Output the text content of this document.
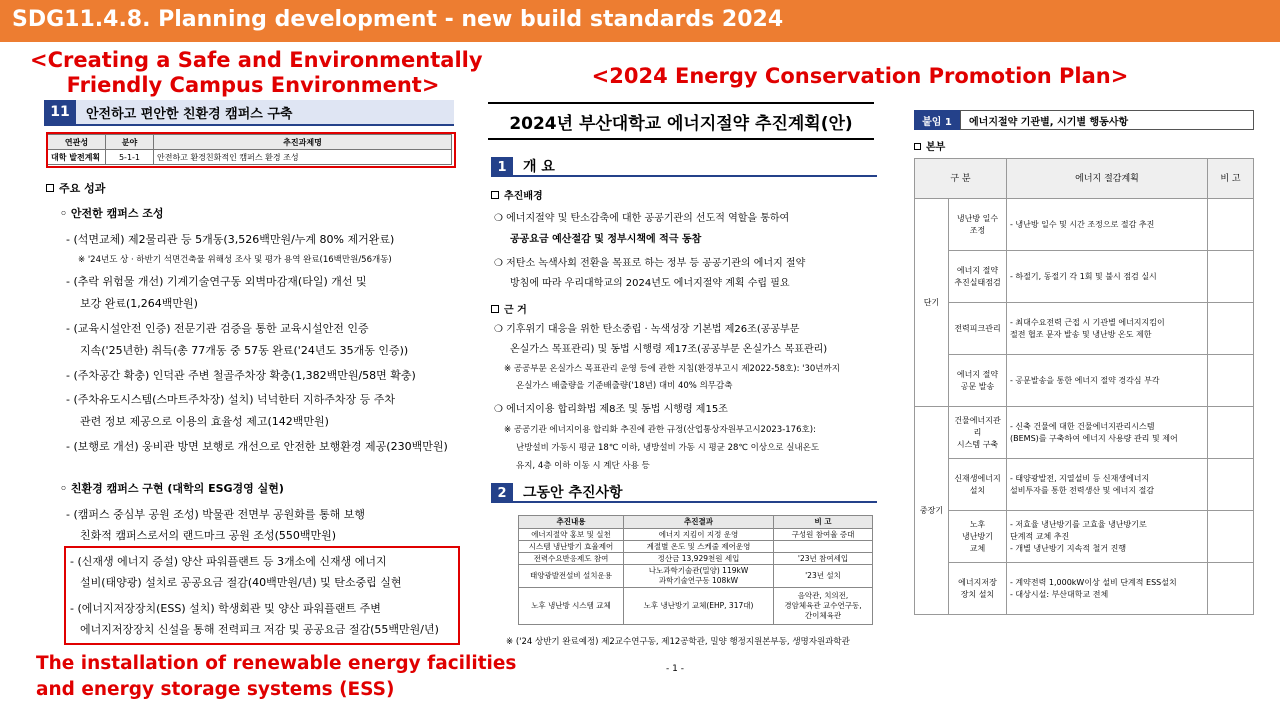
SDG11.4.8. Planning development - new build standards 2024
<Creating a Safe and Environmentally
Friendly Campus Environment>	<2024 Energy Conservation Promotion Plan>
The installation of renewable energy facilities
and energy storage systems (ESS)
11	안전하고 편안한 친환경 캠퍼스 구축
연관성	분야	추진과제명
대학 발전계획	5-1-1	안전하고 환경친화적인 캠퍼스 환경 조성
주요 성과
◦ 안전한 캠퍼스 조성
- (석면교체) 제2물리관 등 5개동(3,526백만원/누계 80% 제거완료)
※ '24년도 상 · 하반기 석면건축물 위해성 조사 및 평가 용역 완료(16백만원/56개동)
- (추락 위험물 개선) 기계기술연구동 외벽마감재(타일) 개선 및
보강 완료(1,264백만원)
- (교육시설안전 인증) 전문기관 검증을 통한 교육시설안전 인증
지속('25년한) 취득(총 77개동 중 57동 완료('24년도 35개동 인증))
- (주차공간 확충) 인덕관 주변 철골주차장 확충(1,382백만원/58면 확충)
- (주차유도시스템(스마트주차장) 설치) 넉넉한터 지하주차장 등 주차
관련 정보 제공으로 이용의 효율성 제고(142백만원)
- (보행로 개선) 웅비관 방면 보행로 개선으로 안전한 보행환경 제공(230백만원)
◦ 친환경 캠퍼스 구현 (대학의 ESG경영 실현)
- (캠퍼스 중심부 공원 조성) 박물관 전면부 공원화를 통해 보행
친화적 캠퍼스로서의 랜드마크 공원 조성(550백만원)
- (신재생 에너지 증설) 양산 파워플랜트 등 3개소에 신재생 에너지
설비(태양광) 설치로 공공요금 절감(40백만원/년) 및 탄소중립 실현
- (에너지저장장치(ESS) 설치) 학생회관 및 양산 파워플랜트 주변
에너지저장장치 신설을 통해 전력피크 저감 및 공공요금 절감(55백만원/년)
2024년 부산대학교 에너지절약 추진계획(안)
1	개 요
추진배경
❍ 에너지절약 및 탄소감축에 대한 공공기관의 선도적 역할을 통하여
공공요금 예산절감 및 정부시책에 적극 동참
❍ 저탄소 녹색사회 전환을 목표로 하는 정부 등 공공기관의 에너지 절약
방침에 따라 우리대학교의 2024년도 에너지절약 계획 수립 필요
근 거
❍ 기후위기 대응을 위한 탄소중립 · 녹색성장 기본법 제26조(공공부문
온실가스 목표관리) 및 동법 시행령 제17조(공공부문 온실가스 목표관리)
※ 공공부문 온실가스 목표관리 운영 등에 관한 지침(환경부고시 제2022-58호): '30년까지
온실가스 배출량을 기준배출량('18년) 대비 40% 의무감축
❍ 에너지이용 합리화법 제8조 및 동법 시행령 제15조
※ 공공기관 에너지이용 합리화 추진에 관한 규정(산업통상자원부고시2023-176호):
난방설비 가동시 평균 18℃ 이하, 냉방설비 가동 시 평균 28℃ 이상으로 실내온도
유지, 4층 이하 이동 시 계단 사용 등
2	그동안 추진사항
추진내용	추진결과	비 고
에너지절약 홍보 및 실천	에너지 지킴이 지정 운영	구성원 참여율 증대
시스템 냉난방기 효율제어	계절별 온도 및 스케줄 제어운영	
전력수요반응제도 참여	정산금 13,929천원 세입	'23년 참여세입
태양광발전설비 설치운용	나노과학기술관(밀양) 119kW
과학기술연구동 108kW	'23년 설치
노후 냉난방 시스템 교체	노후 냉난방기 교체(EHP, 317대)	음악관, 치의전,
경암체육관 교수연구동,
간이체육관
※ ('24 상반기 완료예정) 제2교수연구동, 제12공학관, 밀양 행정지원본부동, 생명자원과학관
- 1 -
붙임 1	에너지절약 기관별, 시기별 행동사항
본부
구 분		에너지 절감계획	비 고
단기	냉난방 일수
조정	- 냉난방 일수 및 시간 조정으로 절감 추진	
	에너지 절약
추진실태점검	- 하절기, 동절기 각 1회 및 불시 점검 실시	
	전력피크관리	- 최대수요전력 근접 시 기관별 에너지지킴이
절전 협조 문자 발송 및 냉난방 온도 제한	
	에너지 절약
공문 발송	- 공문발송을 통한 에너지 절약 경각심 부각	
중장기	건물에너지관리
시스템 구축	- 신축 건물에 대한 건물에너지관리시스템
(BEMS)를 구축하여 에너지 사용량 관리 및 제어	
	신재생에너지
설치	- 태양광발전, 지열설비 등 신재생에너지
설비투자를 통한 전력생산 및 에너지 절감	
	노후
냉난방기
교체	- 저효율 냉난방기를 고효율 냉난방기로
단계적 교체 추진
- 개별 냉난방기 지속적 철거 진행	
	에너지저장
장치 설치	- 계약전력 1,000kW이상 설비 단계적 ESS설치
- 대상시설: 부산대학교 전체	
